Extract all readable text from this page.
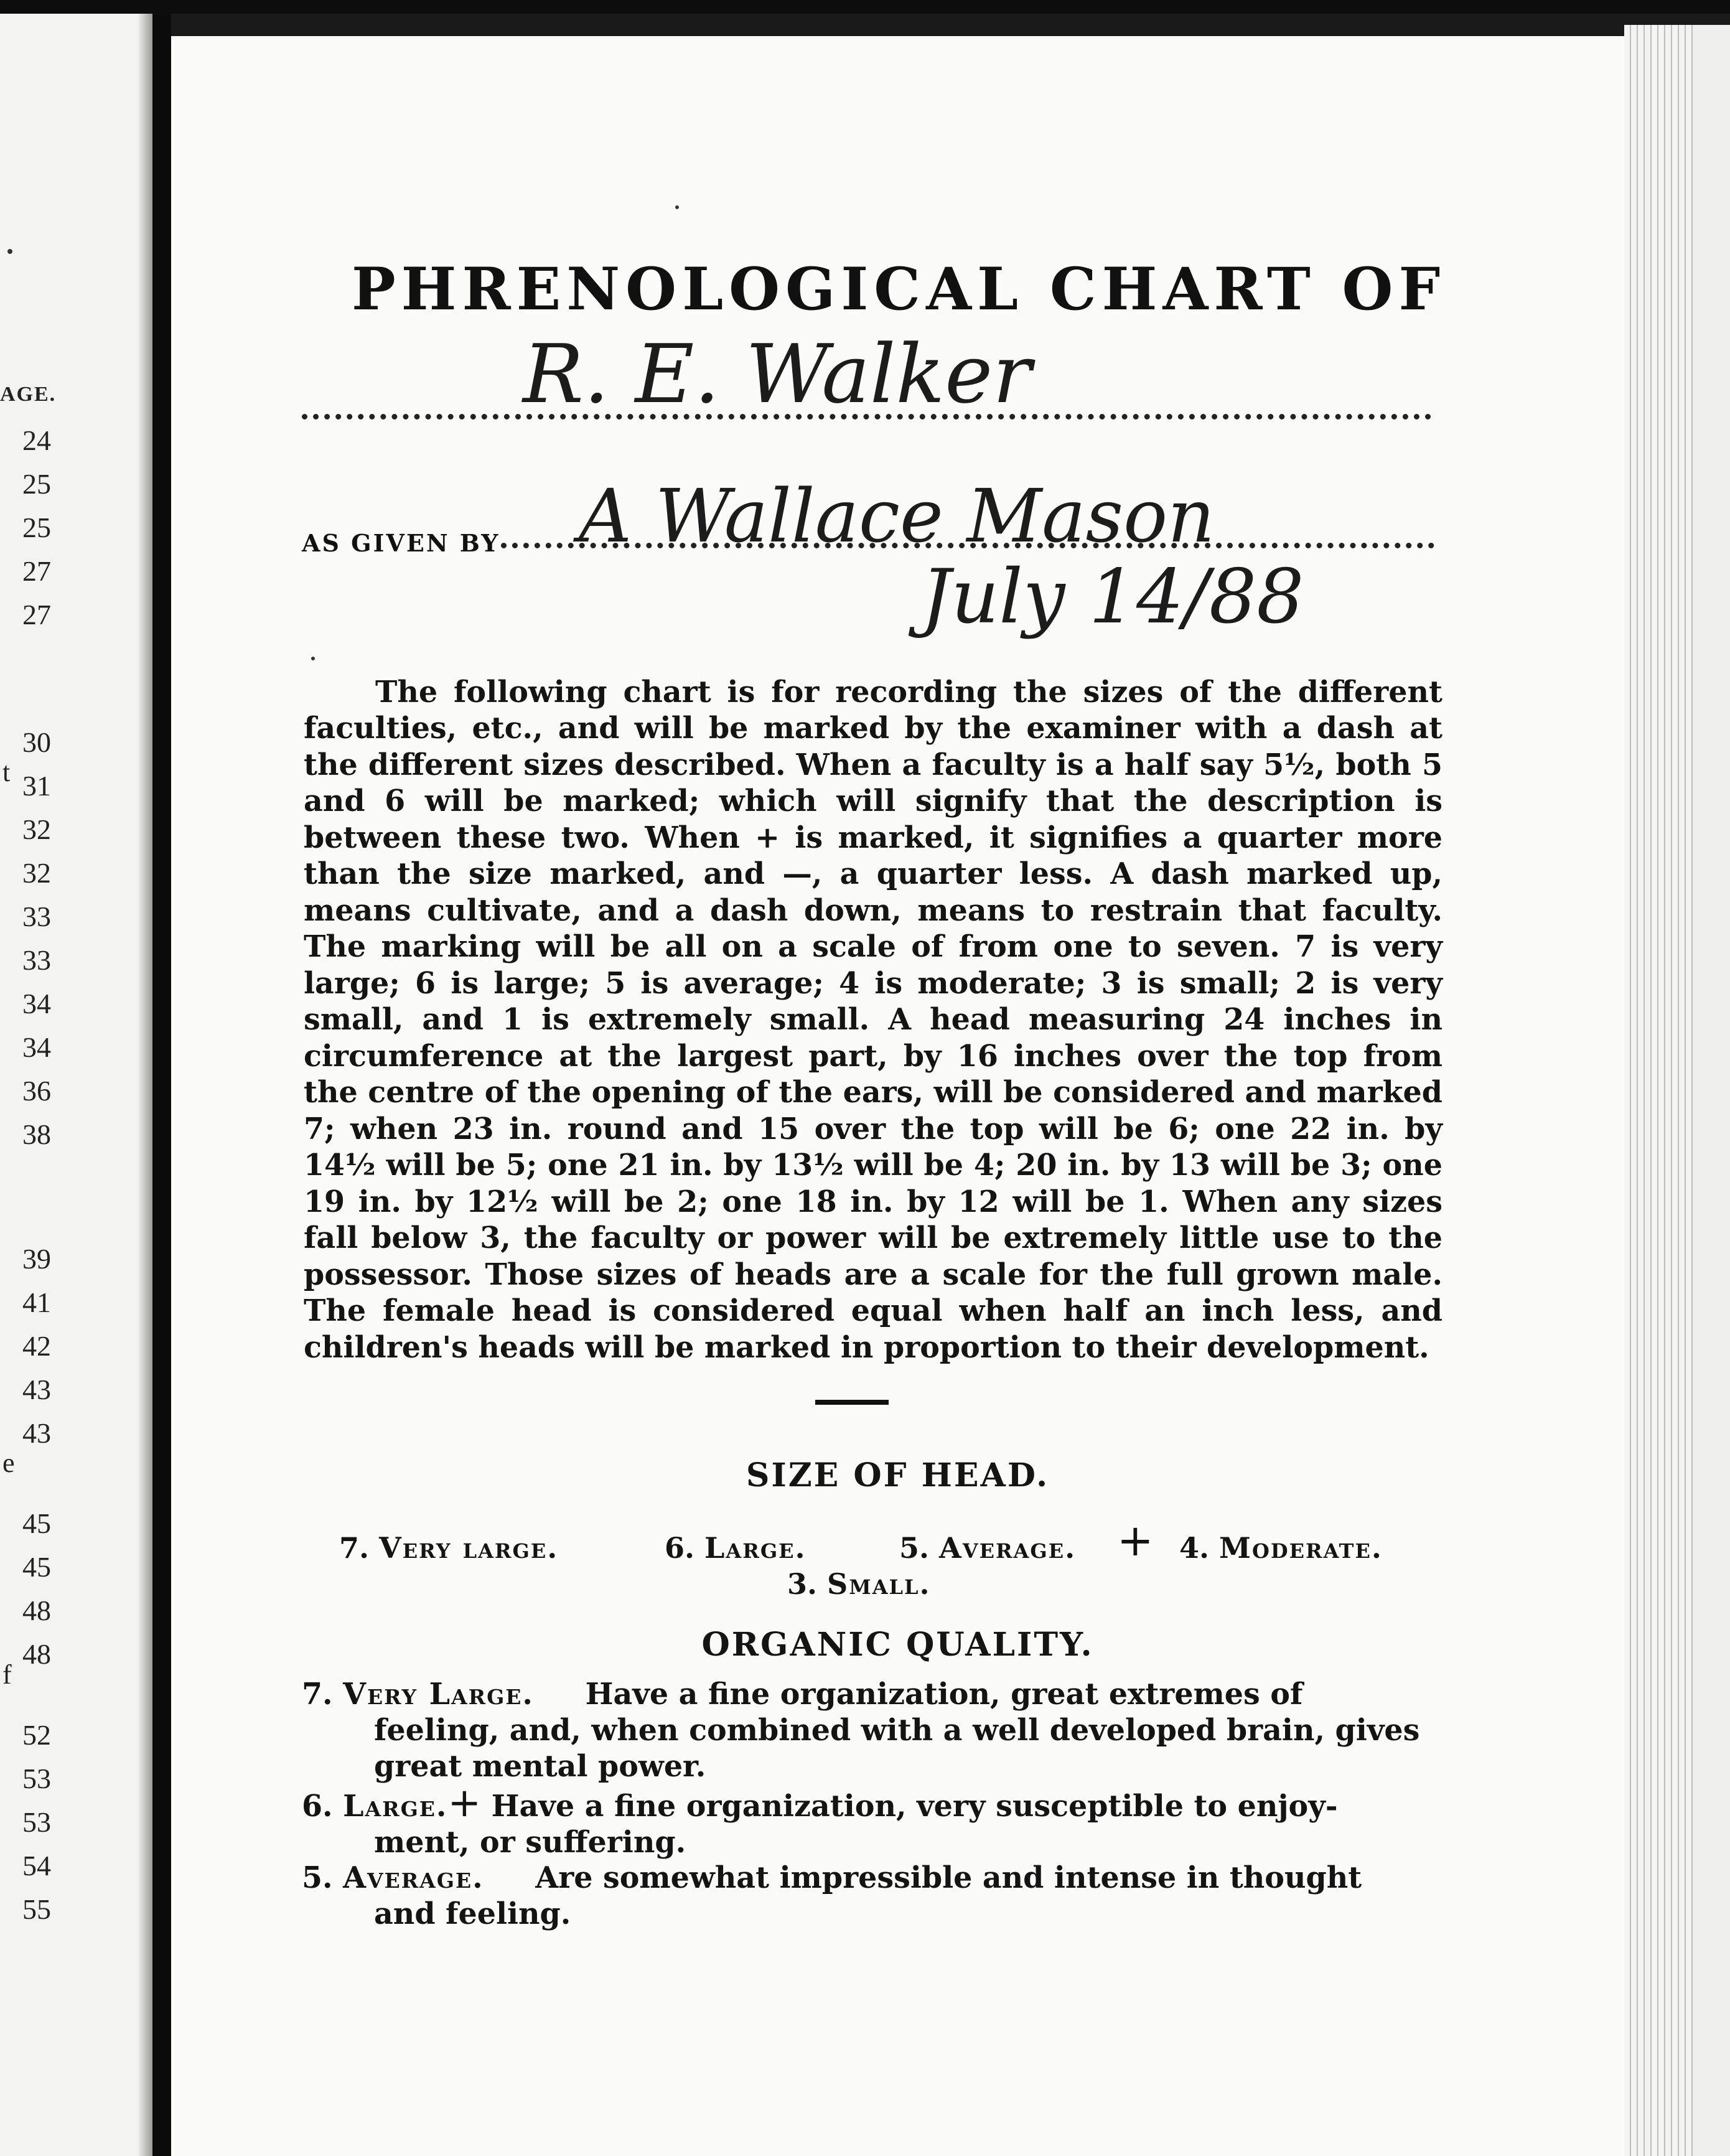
AGE.
24
25
25
27
27
30
31
32
32
33
33
34
34
36
38
39
41
42
43
43
45
45
48
48
52
53
53
54
55
t
e
f
PHRENOLOGICAL CHART OF
R. E. Walker
AS GIVEN BY A Wallace Mason
July 14/88

The following chart is for recording the sizes of the different faculties, etc., and will be marked by the examiner with a dash at the different sizes described. When a faculty is a half say 5½, both 5 and 6 will be marked; which will signify that the description is between these two. When + is marked, it signifies a quarter more than the size marked, and —, a quarter less. A dash marked up, means cultivate, and a dash down, means to restrain that faculty. The marking will be all on a scale of from one to seven. 7 is very large; 6 is large; 5 is average; 4 is moderate; 3 is small; 2 is very small, and 1 is extremely small. A head measuring 24 inches in circumference at the largest part, by 16 inches over the top from the centre of the opening of the ears, will be considered and marked 7; when 23 in. round and 15 over the top will be 6; one 22 in. by 14½ will be 5; one 21 in. by 13½ will be 4; 20 in. by 13 will be 3; one 19 in. by 12½ will be 2; one 18 in. by 12 will be 1. When any sizes fall below 3, the faculty or power will be extremely little use to the possessor. Those sizes of heads are a scale for the full grown male. The female head is considered equal when half an inch less, and children's heads will be marked in proportion to their development.

SIZE OF HEAD.
7. Very large.	6. Large.	5. Average. + 4. Moderate.
3. Small.
ORGANIC QUALITY.
7. Very Large. Have a fine organization, great extremes of
feeling, and, when combined with a well developed brain, gives great mental power.
6. Large.+ Have a fine organization, very susceptible to enjoy-
ment, or suffering.
5. Average. Are somewhat impressible and intense in thought
and feeling.
